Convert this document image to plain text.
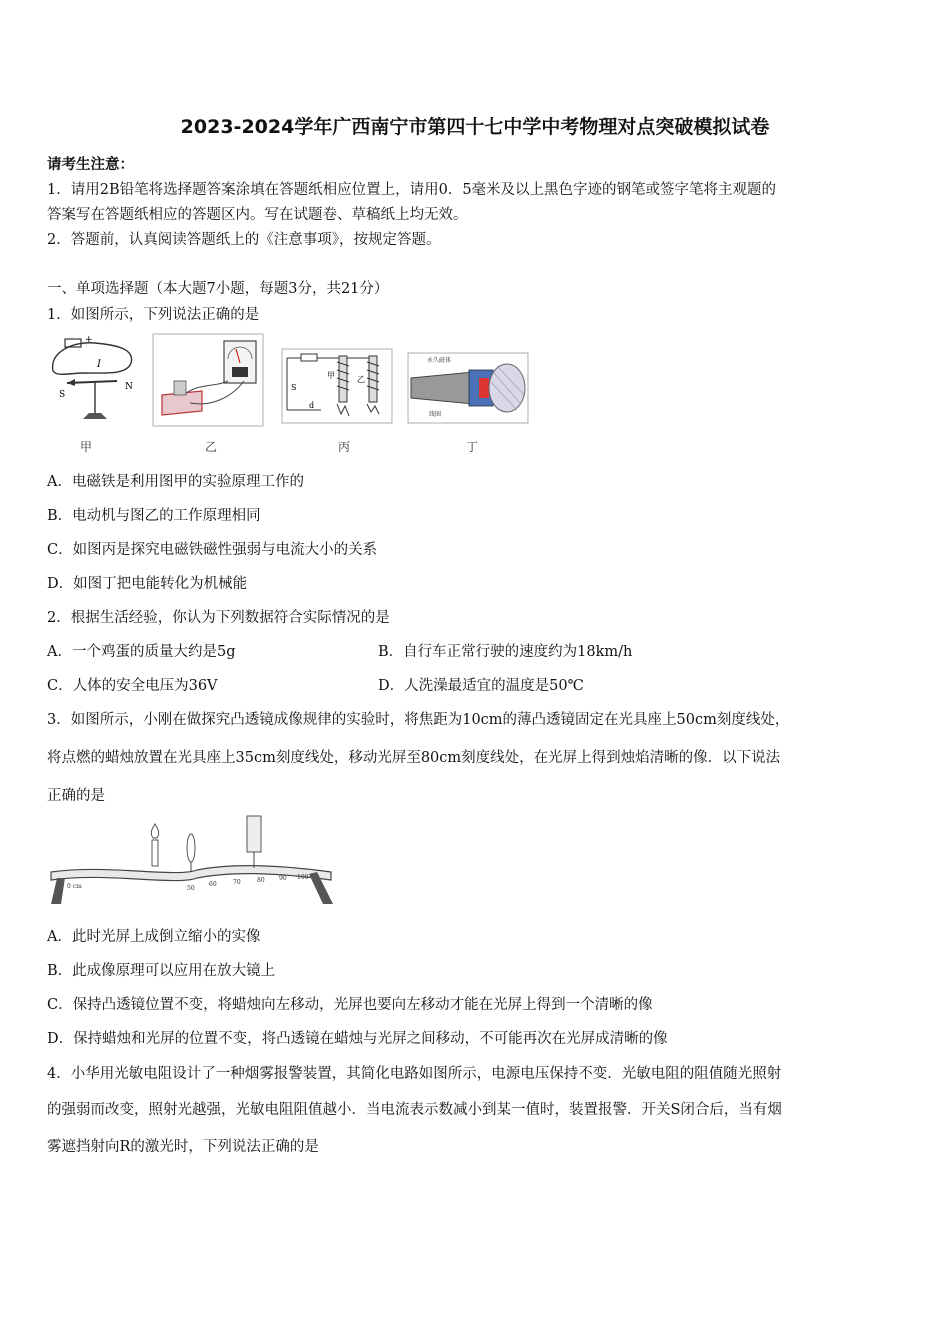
2023-2024学年广西南宁市第四十七中学中考物理对点突破模拟试卷
请考生注意：
1．请用2B铅笔将选择题答案涂填在答题纸相应位置上，请用0．5毫米及以上黑色字迹的钢笔或签字笔将主观题的
答案写在答题纸相应的答题区内。写在试题卷、草稿纸上均无效。
2．答题前，认真阅读答题纸上的《注意事项》，按规定答题。
一、单项选择题（本大题7小题，每题3分，共21分）
1．如图所示，下列说法正确的是
+
I
S
N
甲	乙
S
d
甲	乙
丙
永久磁体
线圈
丁
A．电磁铁是利用图甲的实验原理工作的
B．电动机与图乙的工作原理相同
C．如图丙是探究电磁铁磁性强弱与电流大小的关系
D．如图丁把电能转化为机械能
2．根据生活经验，你认为下列数据符合实际情况的是
A．一个鸡蛋的质量大约是5g	B．自行车正常行驶的速度约为18km/h
C．人体的安全电压为36V	D．人洗澡最适宜的温度是50℃
3．如图所示，小刚在做探究凸透镜成像规律的实验时，将焦距为10cm的薄凸透镜固定在光具座上50cm刻度线处，
将点燃的蜡烛放置在光具座上35cm刻度线处，移动光屏至80cm刻度线处，在光屏上得到烛焰清晰的像．以下说法
正确的是
0 cm	50
60	70	80 90 100
A．此时光屏上成倒立缩小的实像
B．此成像原理可以应用在放大镜上
C．保持凸透镜位置不变，将蜡烛向左移动，光屏也要向左移动才能在光屏上得到一个清晰的像
D．保持蜡烛和光屏的位置不变，将凸透镜在蜡烛与光屏之间移动，不可能再次在光屏成清晰的像
4．小华用光敏电阻设计了一种烟雾报警装置，其简化电路如图所示，电源电压保持不变．光敏电阻的阻值随光照射
的强弱而改变，照射光越强，光敏电阻阻值越小．当电流表示数减小到某一值时，装置报警．开关S闭合后，当有烟
雾遮挡射向R的激光时，下列说法正确的是
